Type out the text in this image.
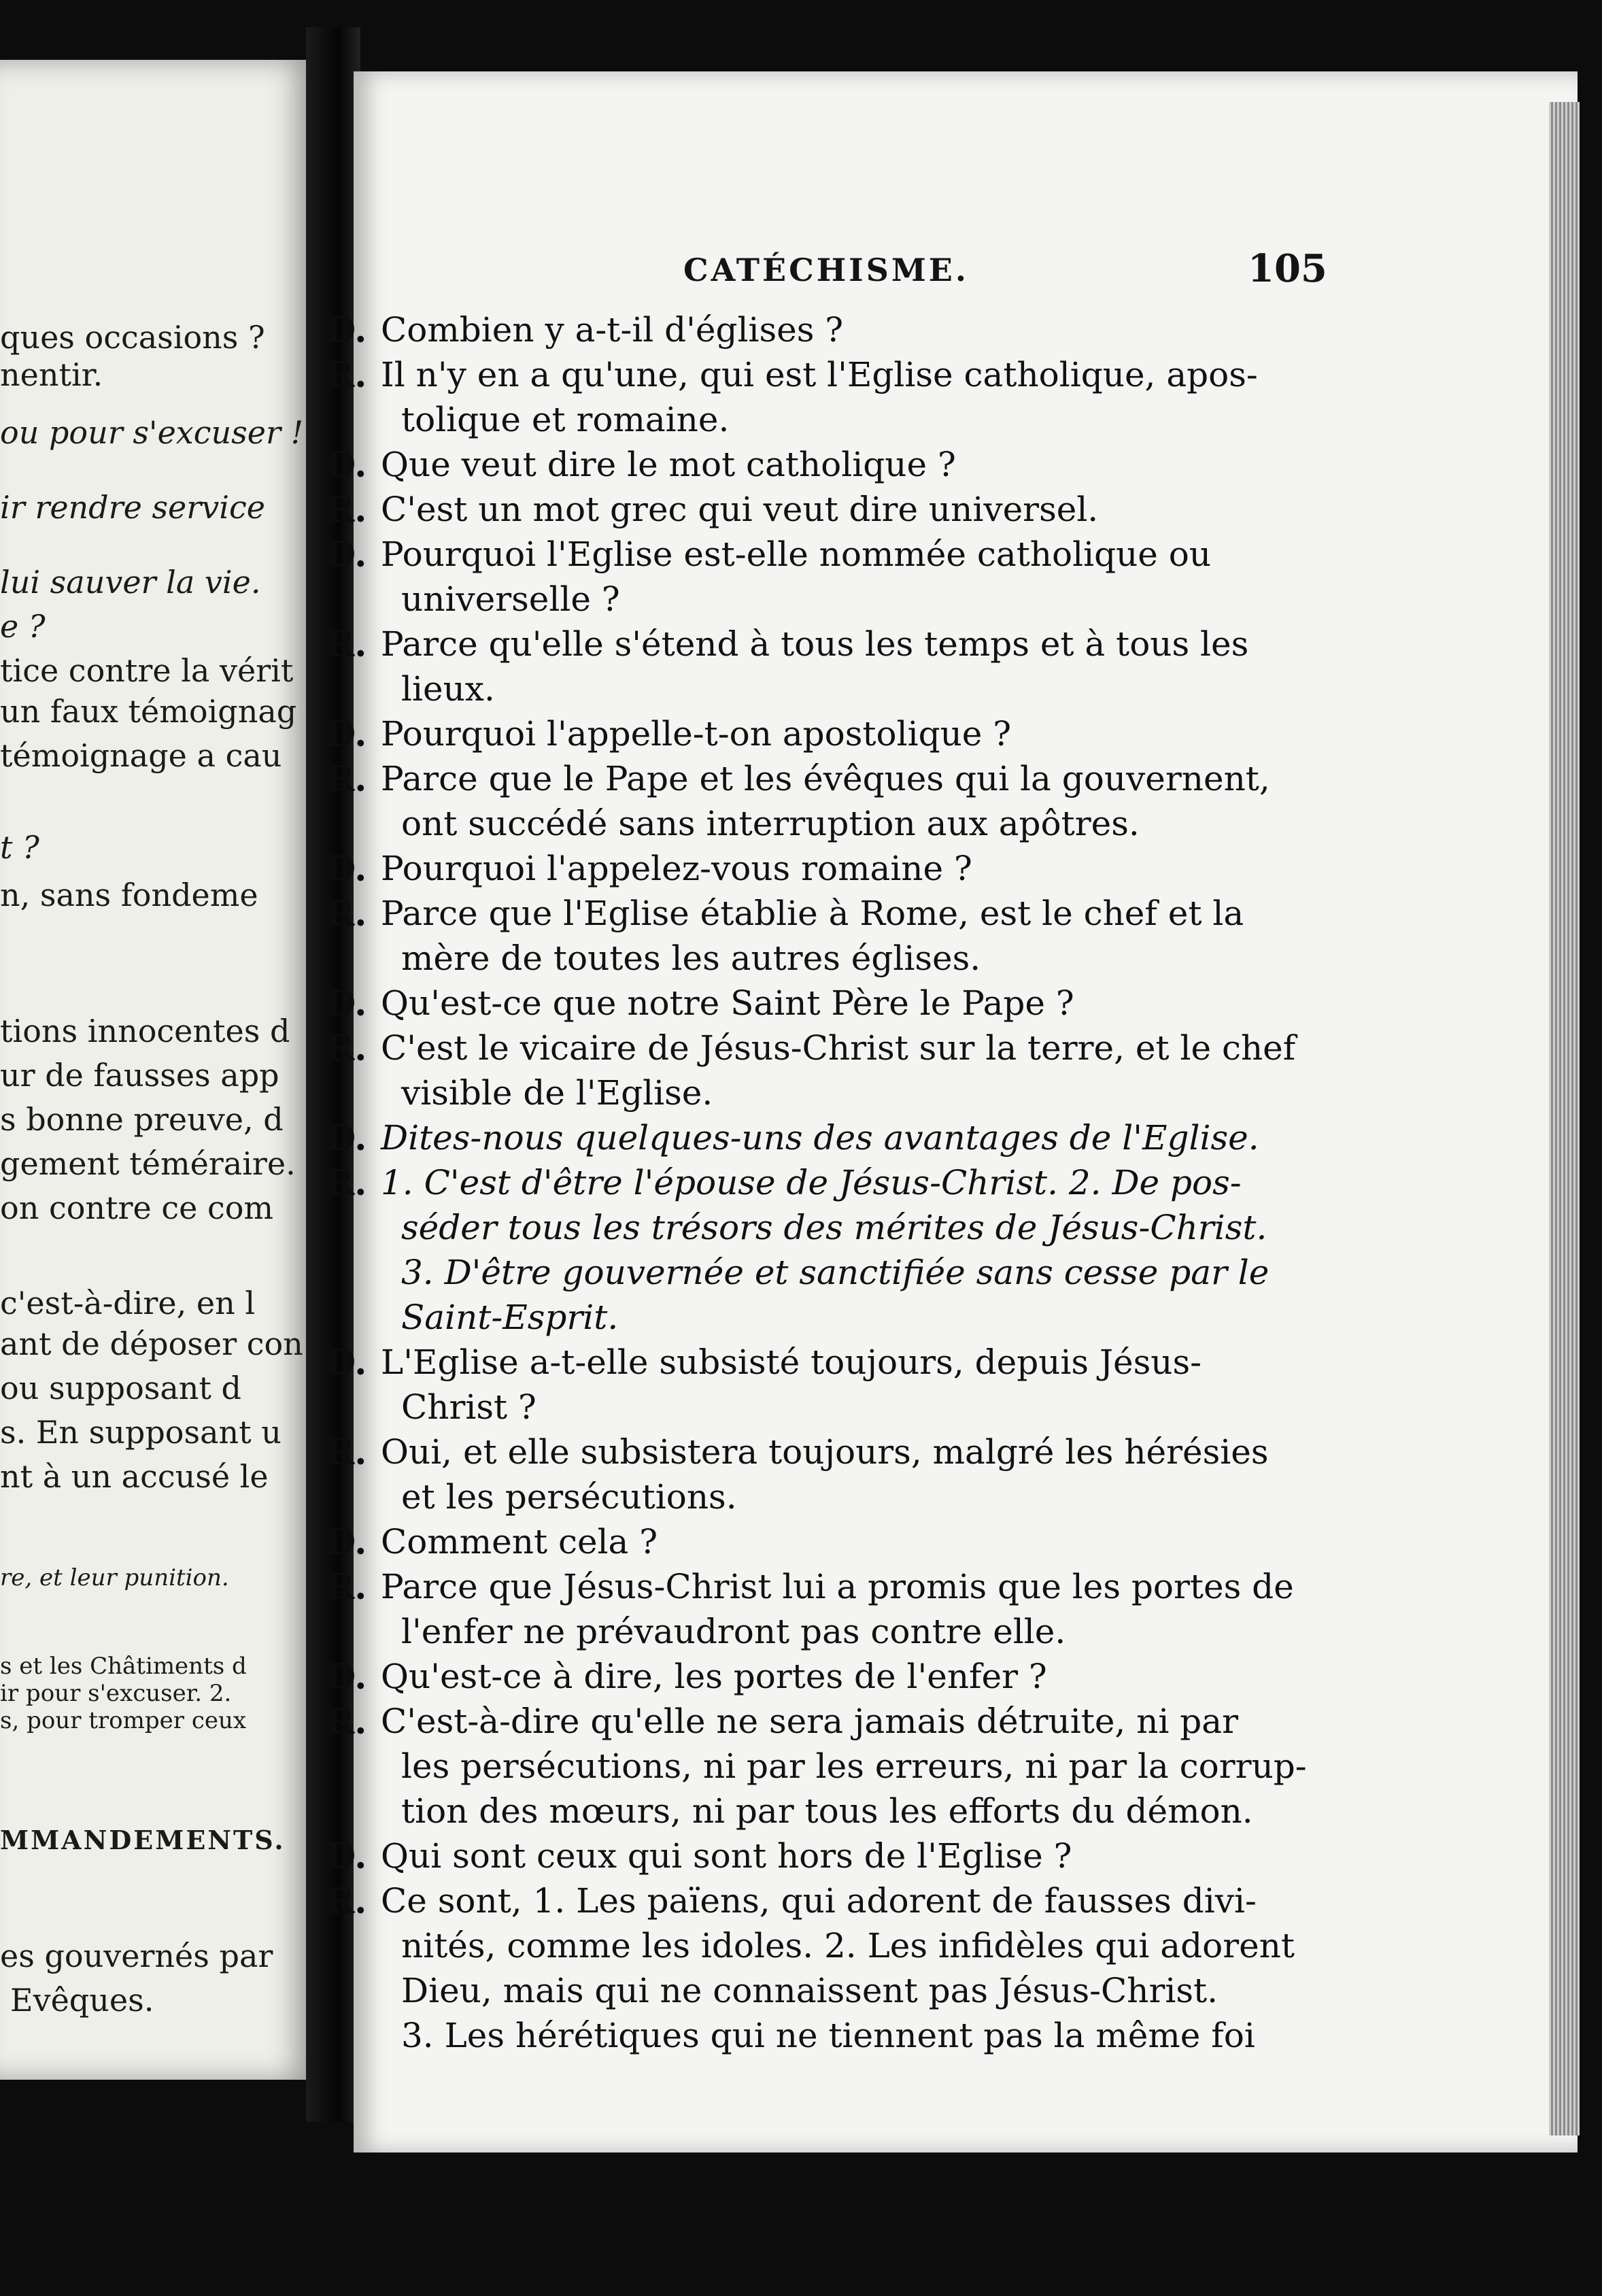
ques occasions ?
nentir.
ou pour s'excuser !
ir rendre service
lui sauver la vie.
e ?
tice contre la vérit
un faux témoignag
témoignage a cau
t ?
n, sans fondeme
tions innocentes d
ur de fausses app
s bonne preuve, d
gement téméraire.
on contre ce com
c'est-à-dire, en l
ant de déposer con
ou supposant d
s. En supposant u
nt à un accusé le
re, et leur punition.
s et les Châtiments d
ir pour s'excuser. 2.
s, pour tromper ceux
MMANDEMENTS.
es gouvernés par
Evêques.
CATÉCHISME.	105
D. Combien y a-t-il d'églises ?
R. Il n'y en a qu'une, qui est l'Eglise catholique, apos-
tolique et romaine.
D. Que veut dire le mot catholique ?
R. C'est un mot grec qui veut dire universel.
D. Pourquoi l'Eglise est-elle nommée catholique ou
universelle ?
R. Parce qu'elle s'étend à tous les temps et à tous les
lieux.
D. Pourquoi l'appelle-t-on apostolique ?
R. Parce que le Pape et les évêques qui la gouvernent,
ont succédé sans interruption aux apôtres.
D. Pourquoi l'appelez-vous romaine ?
R. Parce que l'Eglise établie à Rome, est le chef et la
mère de toutes les autres églises.
D. Qu'est-ce que notre Saint Père le Pape ?
R. C'est le vicaire de Jésus-Christ sur la terre, et le chef
visible de l'Eglise.
D. Dites-nous quelques-uns des avantages de l'Eglise.
R. 1. C'est d'être l'épouse de Jésus-Christ. 2. De pos-
séder tous les trésors des mérites de Jésus-Christ.
3. D'être gouvernée et sanctifiée sans cesse par le
Saint-Esprit.
D. L'Eglise a-t-elle subsisté toujours, depuis Jésus-
Christ ?
R. Oui, et elle subsistera toujours, malgré les hérésies
et les persécutions.
D. Comment cela ?
R. Parce que Jésus-Christ lui a promis que les portes de
l'enfer ne prévaudront pas contre elle.
D. Qu'est-ce à dire, les portes de l'enfer ?
R. C'est-à-dire qu'elle ne sera jamais détruite, ni par
les persécutions, ni par les erreurs, ni par la corrup-
tion des mœurs, ni par tous les efforts du démon.
D. Qui sont ceux qui sont hors de l'Eglise ?
R. Ce sont, 1. Les païens, qui adorent de fausses divi-
nités, comme les idoles. 2. Les infidèles qui adorent
Dieu, mais qui ne connaissent pas Jésus-Christ.
3. Les hérétiques qui ne tiennent pas la même foi
